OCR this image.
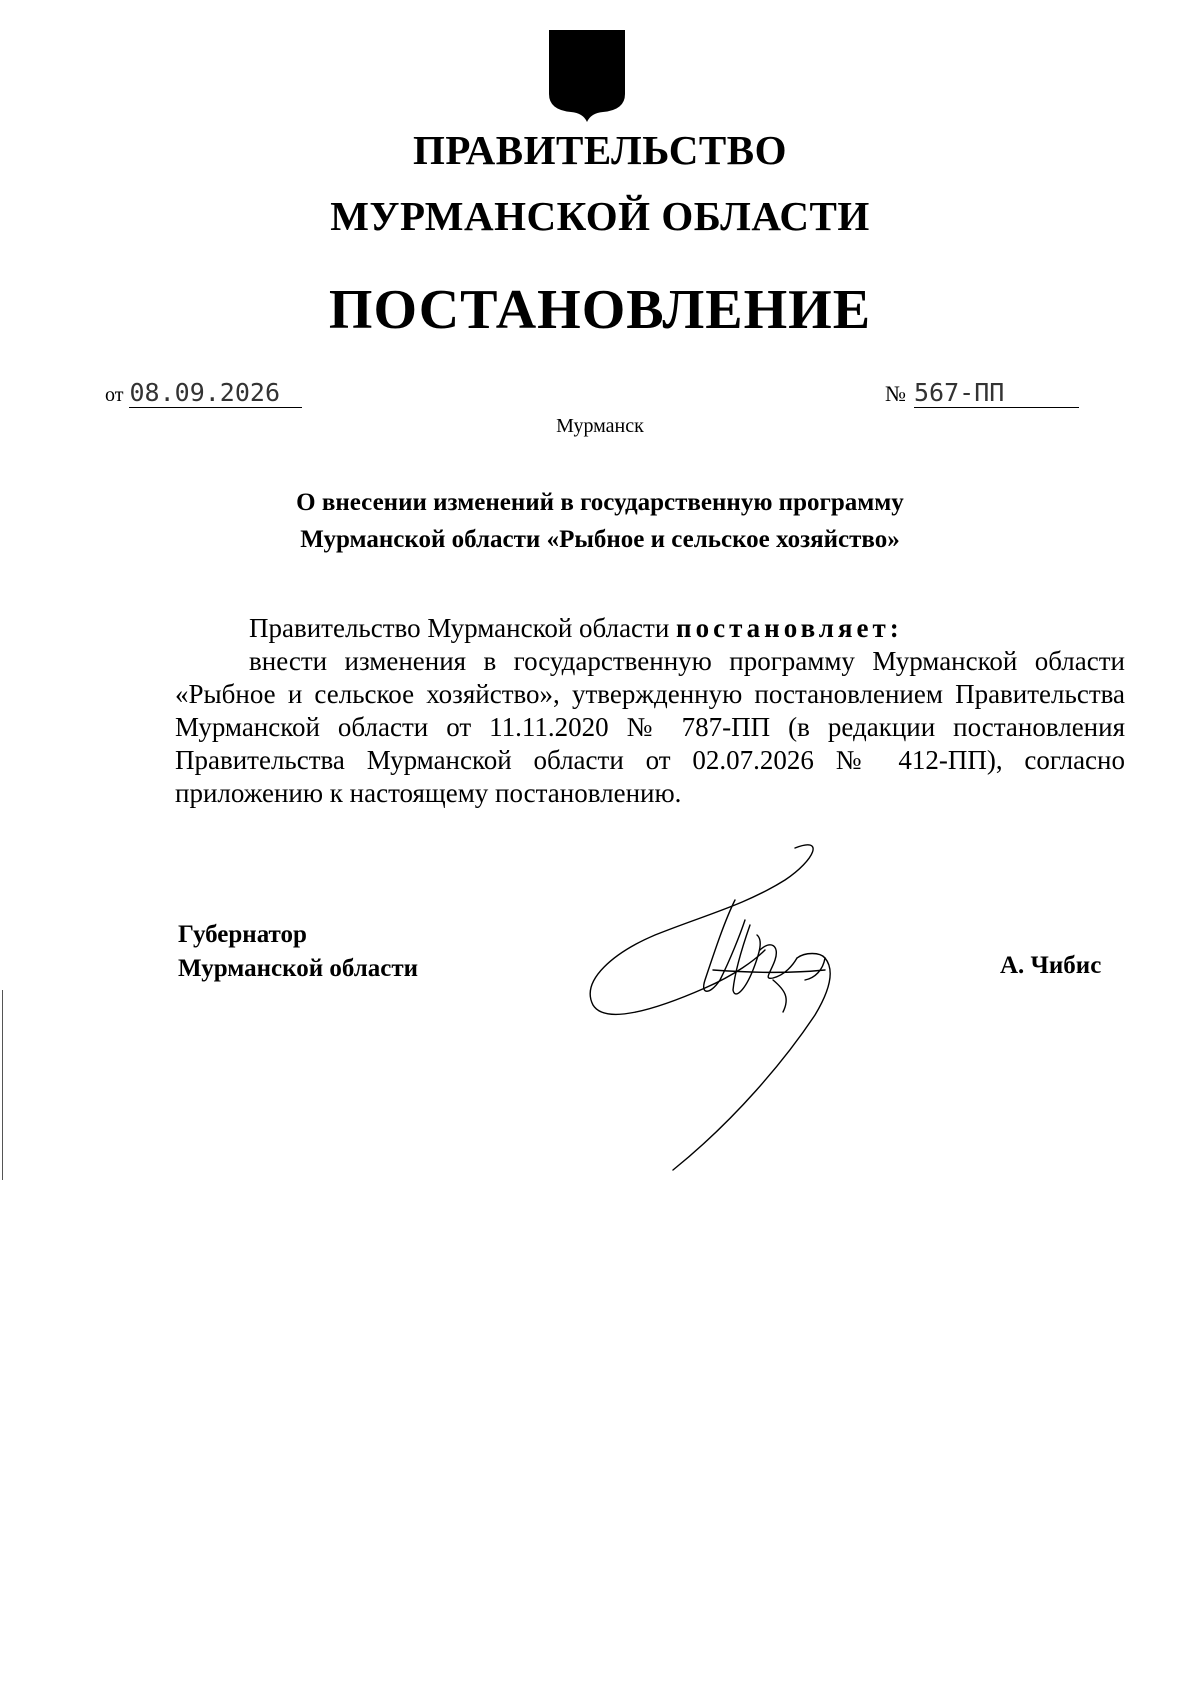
ПРАВИТЕЛЬСТВО
МУРМАНСКОЙ ОБЛАСТИ
ПОСТАНОВЛЕНИЕ
от 08.09.2026	№ 567-ПП
Мурманск
О внесении изменений в государственную программу
Мурманской области «Рыбное и сельское хозяйство»

Правительство Мурманской области постановляет:

внести изменения в государственную программу Мурманской области «Рыбное и сельское хозяйство», утвержденную постановлением Правительства Мурманской области от 11.11.2020 № 787-ПП (в редакции постановления Правительства Мурманской области от 02.07.2026 № 412-ПП), согласно приложению к настоящему постановлению.

Губернатор
Мурманской области	А. Чибис
